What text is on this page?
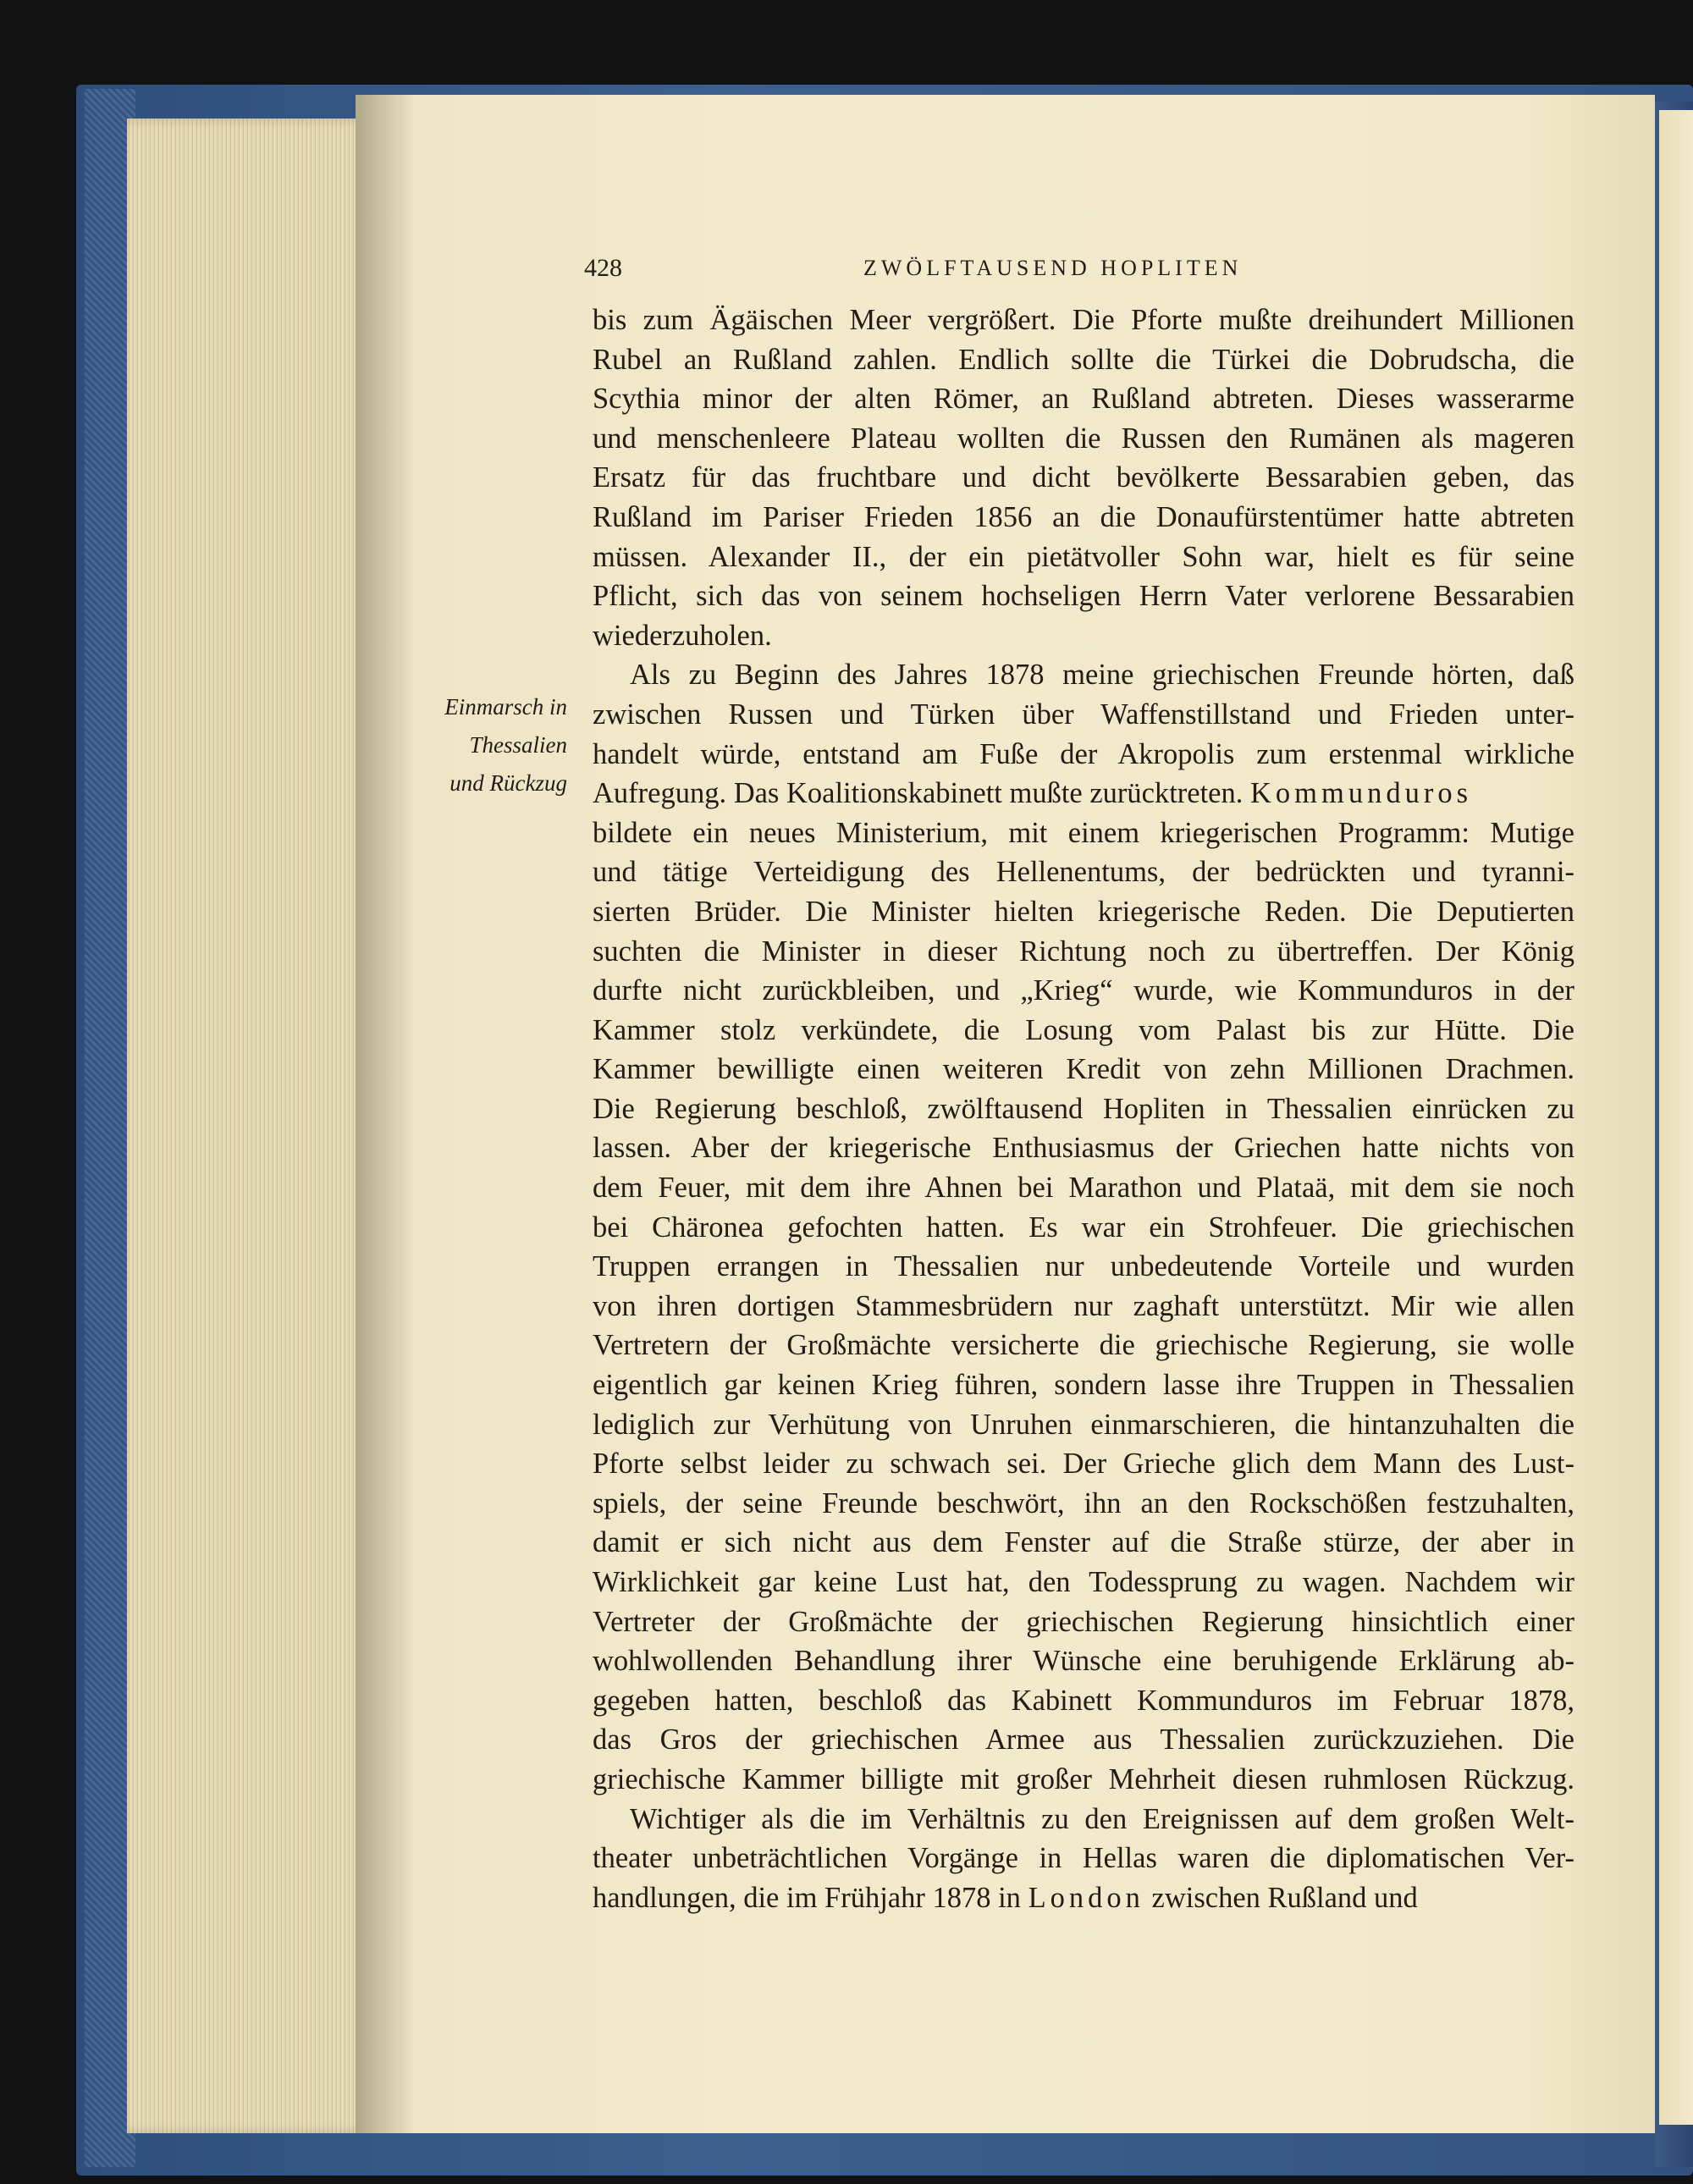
428	ZWÖLFTAUSEND HOPLITEN
Einmarsch in
Thessalien
und Rückzug
bis zum Ägäischen Meer vergrößert. Die Pforte mußte dreihundert Millionen
Rubel an Rußland zahlen. Endlich sollte die Türkei die Dobrudscha, die
Scythia minor der alten Römer, an Rußland abtreten. Dieses wasserarme
und menschenleere Plateau wollten die Russen den Rumänen als mageren
Ersatz für das fruchtbare und dicht bevölkerte Bessarabien geben, das
Rußland im Pariser Frieden 1856 an die Donaufürstentümer hatte abtreten
müssen. Alexander II., der ein pietätvoller Sohn war, hielt es für seine
Pflicht, sich das von seinem hochseligen Herrn Vater verlorene Bessarabien
wiederzuholen.
Als zu Beginn des Jahres 1878 meine griechischen Freunde hörten, daß
zwischen Russen und Türken über Waffenstillstand und Frieden unter-
handelt würde, entstand am Fuße der Akropolis zum erstenmal wirkliche
Aufregung. Das Koalitionskabinett mußte zurücktreten. Kommunduros
bildete ein neues Ministerium, mit einem kriegerischen Programm: Mutige
und tätige Verteidigung des Hellenentums, der bedrückten und tyranni-
sierten Brüder. Die Minister hielten kriegerische Reden. Die Deputierten
suchten die Minister in dieser Richtung noch zu übertreffen. Der König
durfte nicht zurückbleiben, und „Krieg“ wurde, wie Kommunduros in der
Kammer stolz verkündete, die Losung vom Palast bis zur Hütte. Die
Kammer bewilligte einen weiteren Kredit von zehn Millionen Drachmen.
Die Regierung beschloß, zwölftausend Hopliten in Thessalien einrücken zu
lassen. Aber der kriegerische Enthusiasmus der Griechen hatte nichts von
dem Feuer, mit dem ihre Ahnen bei Marathon und Plataä, mit dem sie noch
bei Chäronea gefochten hatten. Es war ein Strohfeuer. Die griechischen
Truppen errangen in Thessalien nur unbedeutende Vorteile und wurden
von ihren dortigen Stammesbrüdern nur zaghaft unterstützt. Mir wie allen
Vertretern der Großmächte versicherte die griechische Regierung, sie wolle
eigentlich gar keinen Krieg führen, sondern lasse ihre Truppen in Thessalien
lediglich zur Verhütung von Unruhen einmarschieren, die hintanzuhalten die
Pforte selbst leider zu schwach sei. Der Grieche glich dem Mann des Lust-
spiels, der seine Freunde beschwört, ihn an den Rockschößen festzuhalten,
damit er sich nicht aus dem Fenster auf die Straße stürze, der aber in
Wirklichkeit gar keine Lust hat, den Todessprung zu wagen. Nachdem wir
Vertreter der Großmächte der griechischen Regierung hinsichtlich einer
wohlwollenden Behandlung ihrer Wünsche eine beruhigende Erklärung ab-
gegeben hatten, beschloß das Kabinett Kommunduros im Februar 1878,
das Gros der griechischen Armee aus Thessalien zurückzuziehen. Die
griechische Kammer billigte mit großer Mehrheit diesen ruhmlosen Rückzug.
Wichtiger als die im Verhältnis zu den Ereignissen auf dem großen Welt-
theater unbeträchtlichen Vorgänge in Hellas waren die diplomatischen Ver-
handlungen, die im Frühjahr 1878 in London zwischen Rußland und
